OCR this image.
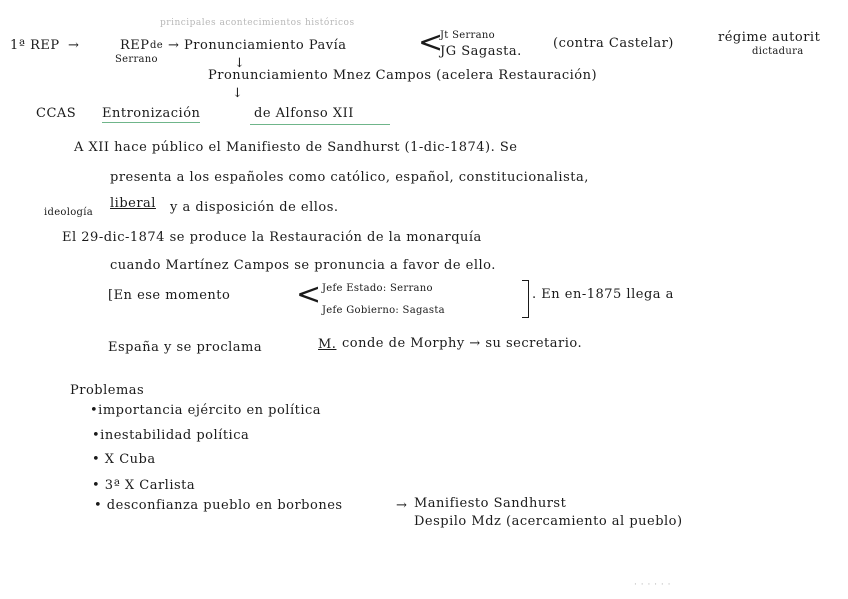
principales acontecimientos históricos
1ª REP →	REP de
Serrano
→ Pronunciamiento Pavía <
Jt Serrano
JG Sagasta.
(contra Castelar)	régime autorit
dictadura
↓
Pronunciamiento Mnez Campos (acelera Restauración)
↓
CCAS Entronización	de Alfonso XII
A XII hace público el Manifiesto de Sandhurst (1-dic-1874). Se
presenta a los españoles como católico, español, constitucionalista,
ideología
liberal y a disposición de ellos.
El 29-dic-1874 se produce la Restauración de la monarquía
cuando Martínez Campos se pronuncia a favor de ello.
[En ese momento < Jefe Estado: Serrano
Jefe Gobierno: Sagasta
. En en-1875 llega a
España y se proclama	M. conde de Morphy → su secretario.
Problemas
•importancia ejército en política
•inestabilidad política
• X Cuba
• 3ª X Carlista
• desconfianza pueblo en borbones	→ Manifiesto Sandhurst
Despilo Mdz (acercamiento al pueblo)
· · · · · ·
